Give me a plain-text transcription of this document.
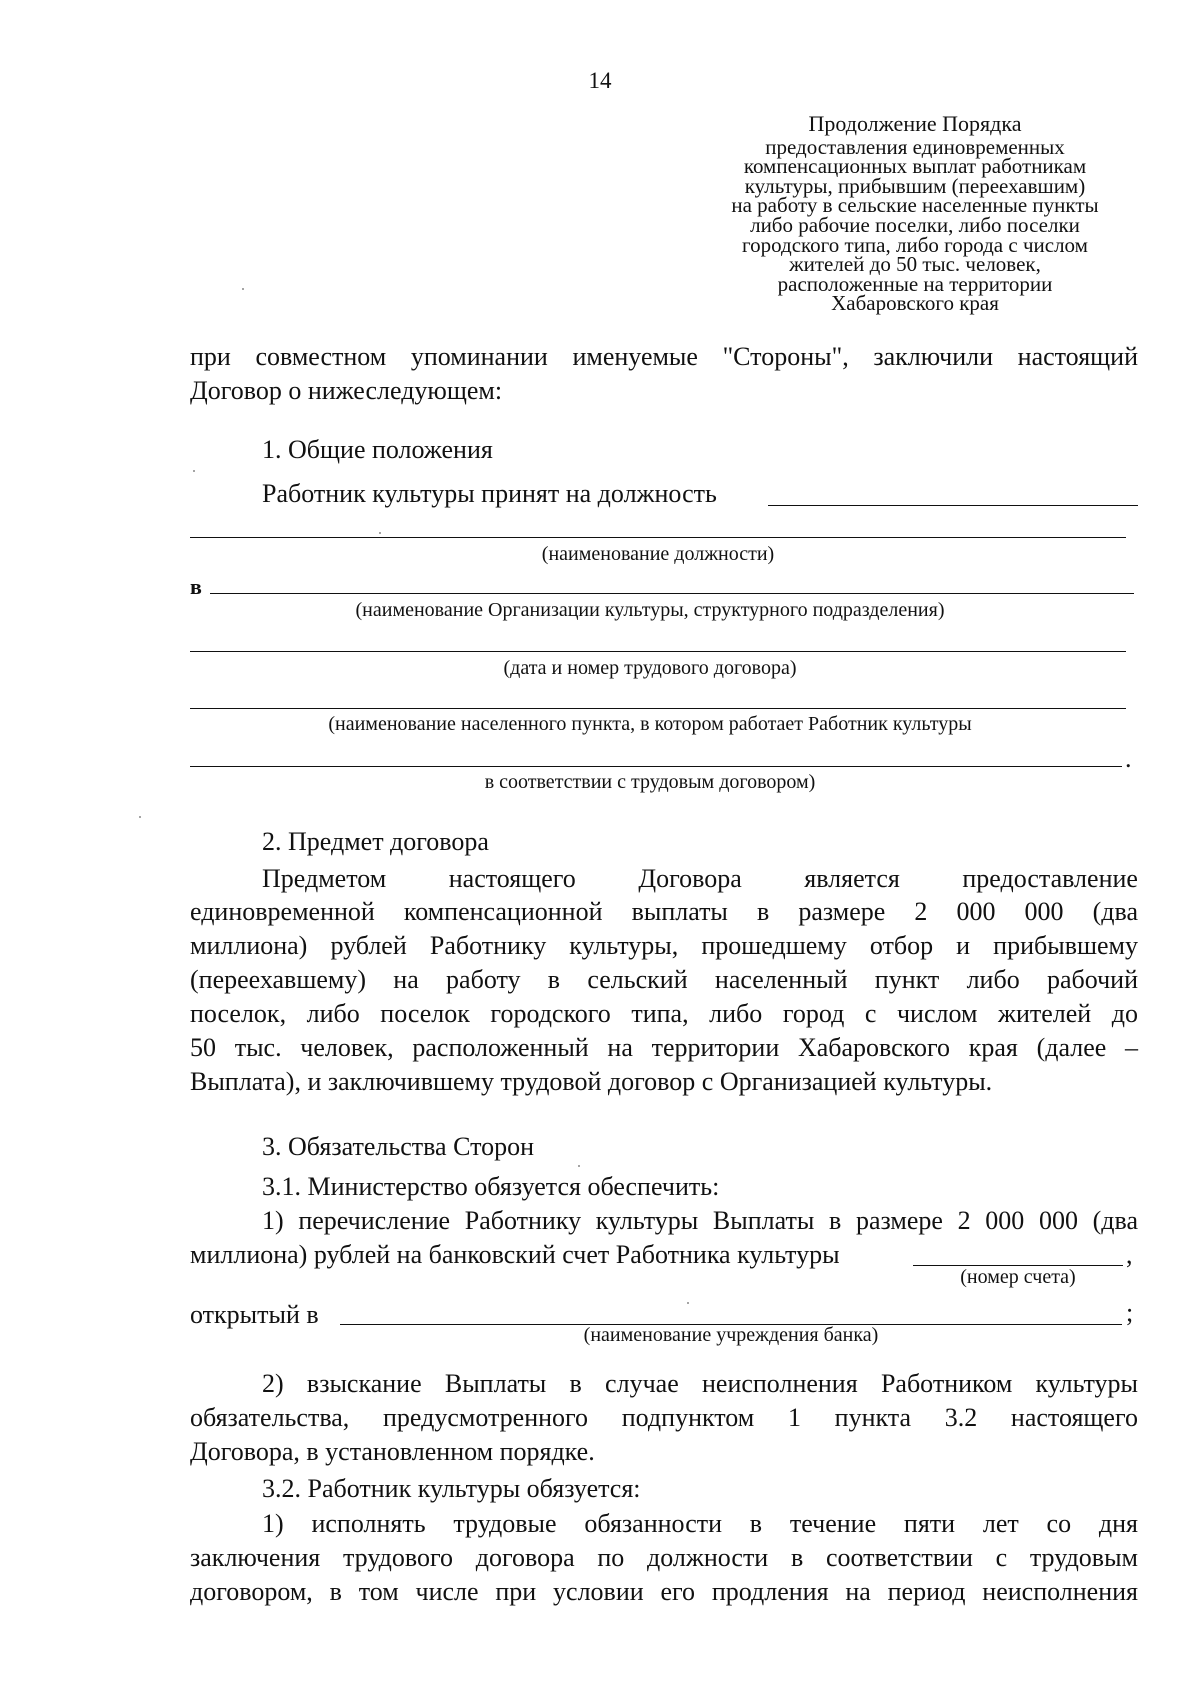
14
Продолжение Порядка
предоставления единовременных
компенсационных выплат работникам
культуры, прибывшим (переехавшим)
на работу в сельские населенные пункты
либо рабочие поселки, либо поселки
городского типа, либо города с числом
жителей до 50 тыс. человек,
расположенные на территории
Хабаровского края
при совместном упоминании именуемые "Стороны", заключили настоящий
Договор о нижеследующем:
1. Общие положения
Работник культуры принят на должность
(наименование должности)
в
(наименование Организации культуры, структурного подразделения)
(дата и номер трудового договора)
(наименование населенного пункта, в котором работает Работник культуры
.
в соответствии с трудовым договором)
2. Предмет договора
Предметом настоящего Договора является предоставление
единовременной компенсационной выплаты в размере 2 000 000 (два
миллиона) рублей Работнику культуры, прошедшему отбор и прибывшему
(переехавшему) на работу в сельский населенный пункт либо рабочий
поселок, либо поселок городского типа, либо город с числом жителей до
50 тыс. человек, расположенный на территории Хабаровского края (далее –
Выплата), и заключившему трудовой договор с Организацией культуры.
3. Обязательства Сторон
3.1. Министерство обязуется обеспечить:
1) перечисление Работнику культуры Выплаты в размере 2 000 000 (два
миллиона) рублей на банковский счет Работника культуры	,
(номер счета)
открытый в	;
(наименование учреждения банка)
2) взыскание Выплаты в случае неисполнения Работником культуры
обязательства, предусмотренного подпунктом 1 пункта 3.2 настоящего
Договора, в установленном порядке.
3.2. Работник культуры обязуется:
1) исполнять трудовые обязанности в течение пяти лет со дня
заключения трудового договора по должности в соответствии с трудовым
договором, в том числе при условии его продления на период неисполнения
